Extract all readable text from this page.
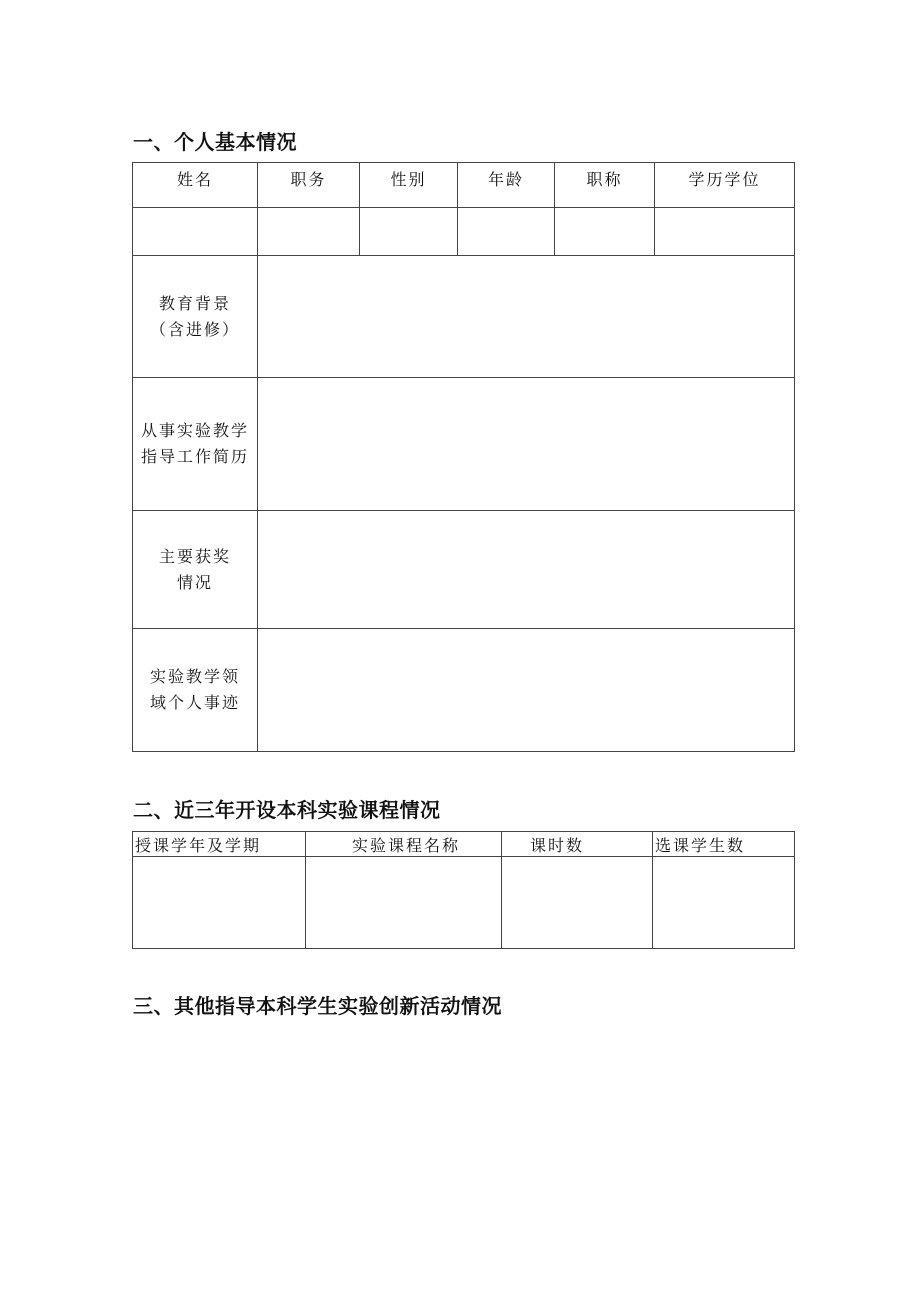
一、个人基本情况
姓名	职务	性别	年龄	职称	学历学位

教育背景
（含进修）					

从事实验教学
指导工作简历					

主要获奖
情况					

实验教学领
域个人事迹					

二、近三年开设本科实验课程情况
授课学年及学期	实验课程名称	课时数	选课学生数

三、其他指导本科学生实验创新活动情况
